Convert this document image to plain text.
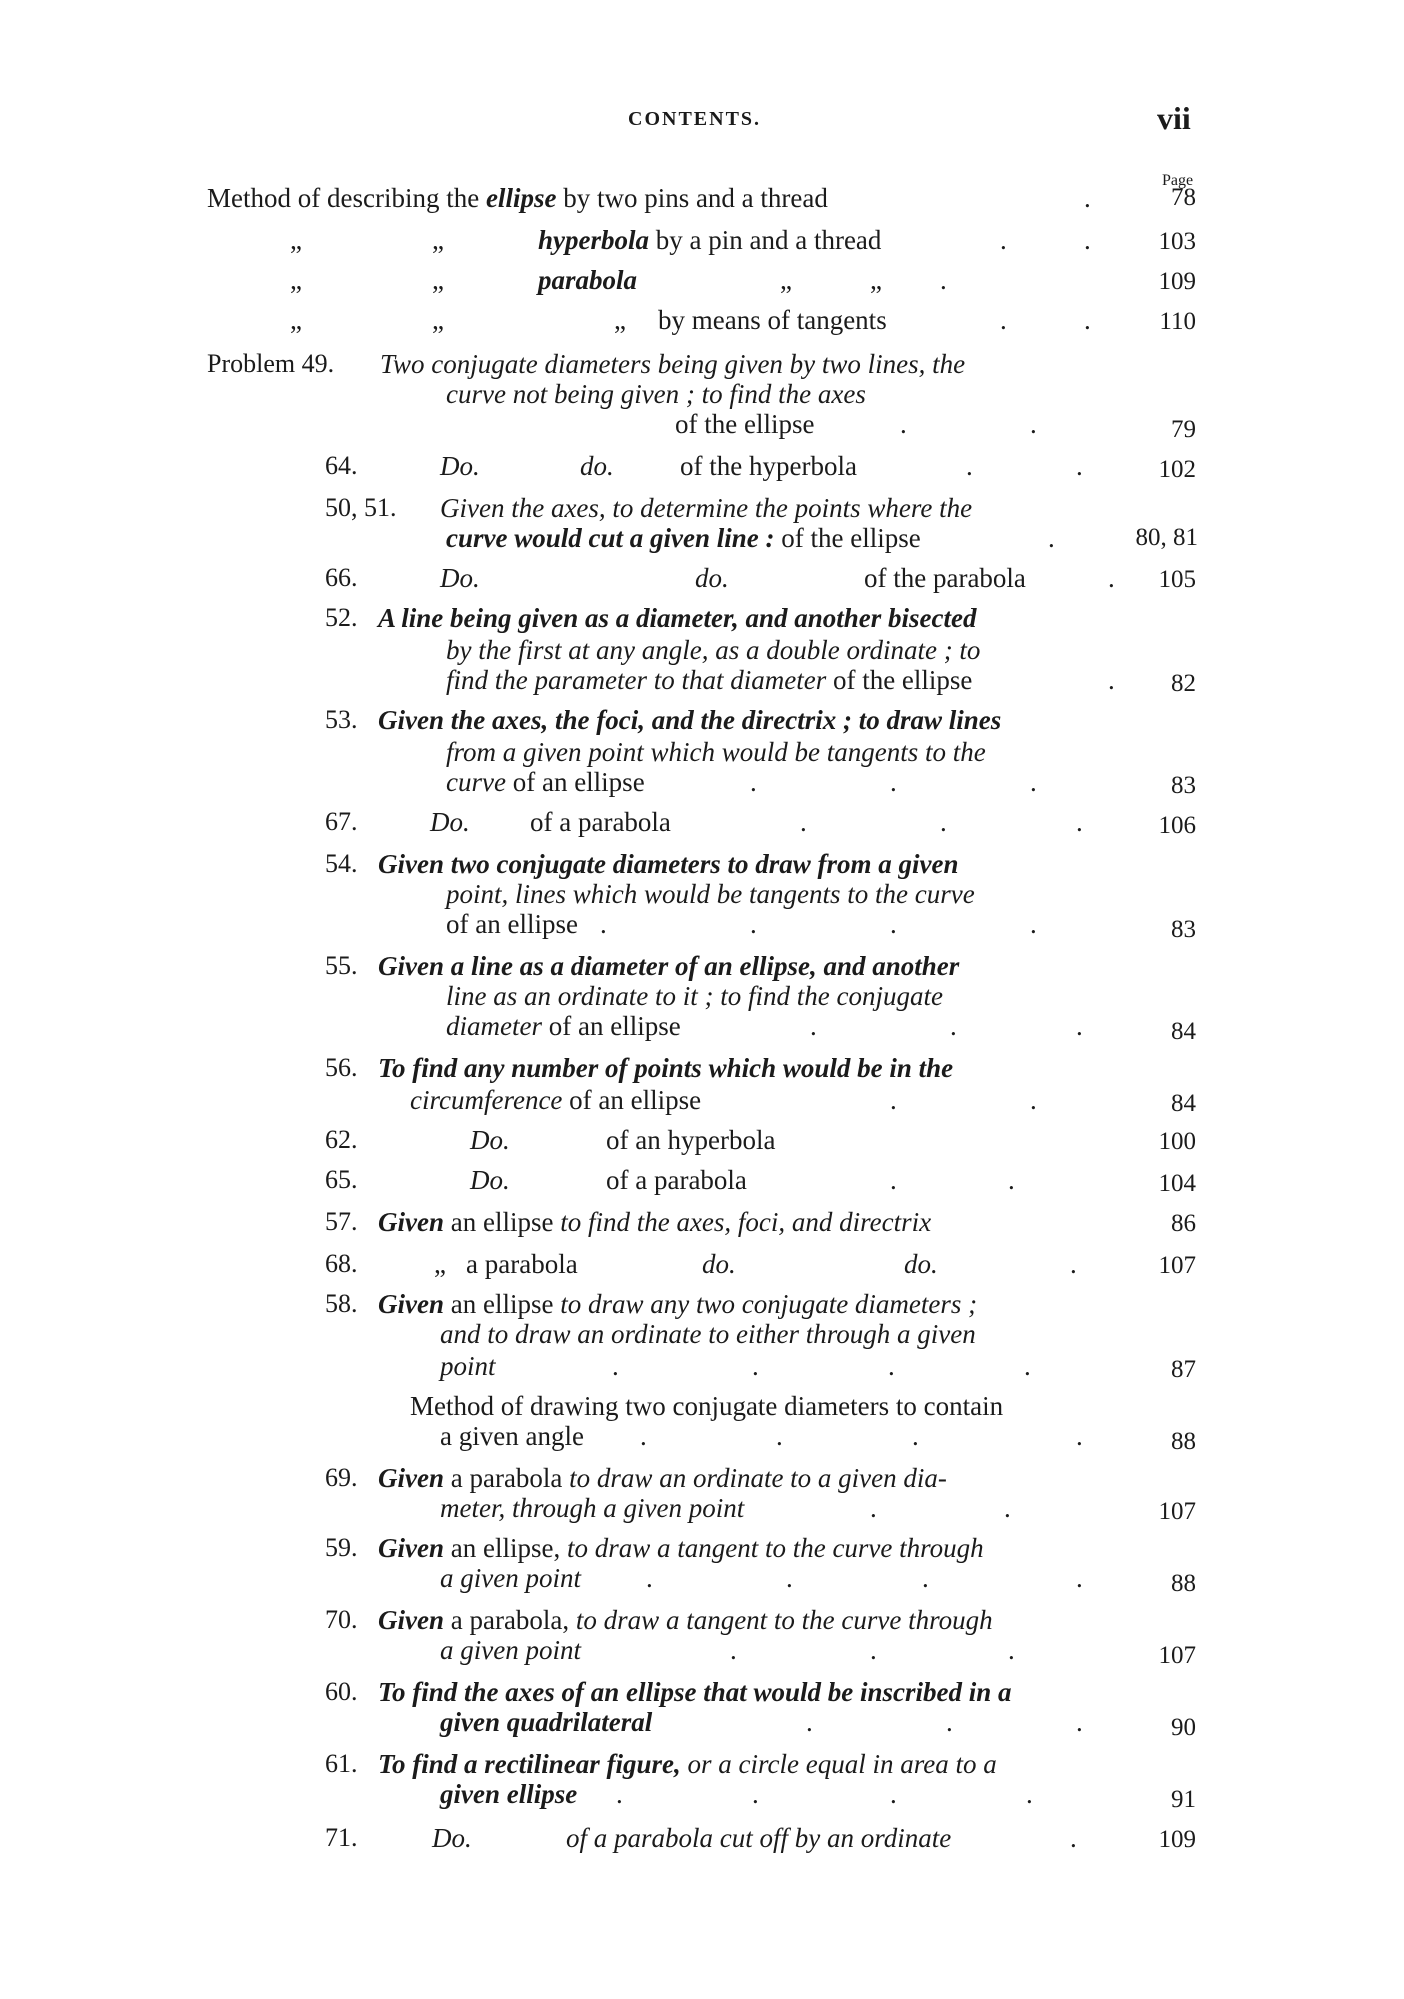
CONTENTS.	vii
Page
Method of describing the ellipse by two pins and a thread	.	78
„	„	hyperbola by a pin and a thread	.	.	103
„	„	parabola	„	„ .	109
„	„	„ by means of tangents	.	.	110
Problem 49. Two conjugate diameters being given by two lines, the
curve not being given ; to find the axes
of the ellipse	.	.	79
64.	Do.	do. of the hyperbola	.	.	102
50, 51. Given the axes, to determine the points where the
curve would cut a given line : of the ellipse	.	80, 81
66.	Do.	do.	of the parabola	.	105
52. A line being given as a diameter, and another bisected
by the first at any angle, as a double ordinate ; to
find the parameter to that diameter of the ellipse	.	82
53. Given the axes, the foci, and the directrix ; to draw lines
from a given point which would be tangents to the
curve of an ellipse	.	.	.	83
67.	Do. of a parabola	.	.	.	106
54. Given two conjugate diameters to draw from a given
point, lines which would be tangents to the curve
of an ellipse .	.	.	.	83
55. Given a line as a diameter of an ellipse, and another
line as an ordinate to it ; to find the conjugate
diameter of an ellipse	.	.	.	84
56. To find any number of points which would be in the
circumference of an ellipse	.	.	84
62.	Do.	of an hyperbola	100
65.	Do.	of a parabola	.	.	104
57. Given an ellipse to find the axes, foci, and directrix	86
68.	„ a parabola	do.	do.	.	107
58. Given an ellipse to draw any two conjugate diameters ;
and to draw an ordinate to either through a given
point	.	.	.	.	87
Method of drawing two conjugate diameters to contain
a given angle .	.	.	.	88
69. Given a parabola to draw an ordinate to a given dia-
meter, through a given point	.	.	107
59. Given an ellipse, to draw a tangent to the curve through
a given point .	.	.	.	88
70. Given a parabola, to draw a tangent to the curve through
a given point	.	.	.	107
60. To find the axes of an ellipse that would be inscribed in a
given quadrilateral	.	.	.	90
61. To find a rectilinear figure, or a circle equal in area to a
given ellipse .	.	.	.	91
71.	Do.	of a parabola cut off by an ordinate	.	109
